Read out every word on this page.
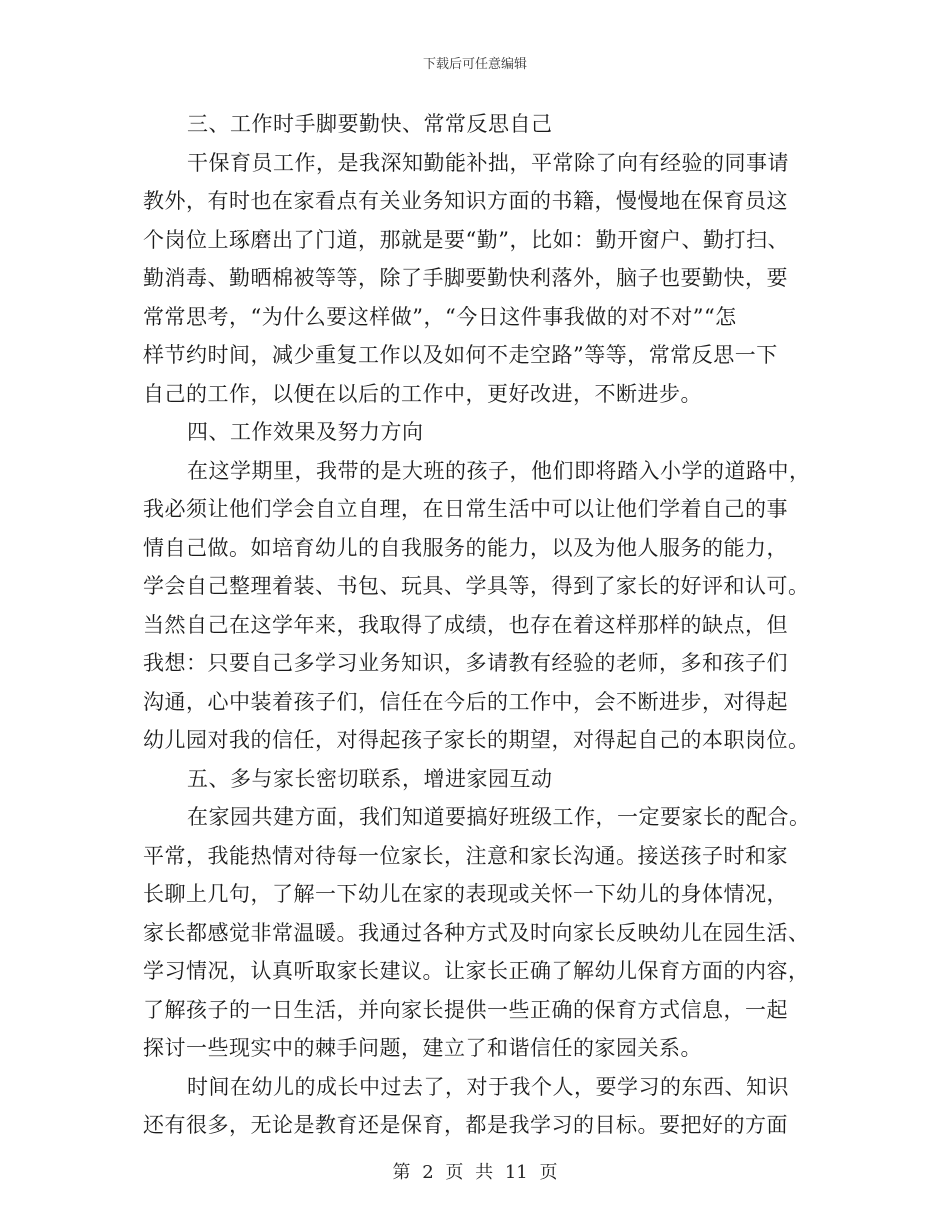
下载后可任意编辑
三、工作时手脚要勤快、常常反思自己
干保育员工作，是我深知勤能补拙，平常除了向有经验的同事请
教外，有时也在家看点有关业务知识方面的书籍，慢慢地在保育员这
个岗位上琢磨出了门道，那就是要“勤”，比如：勤开窗户、勤打扫、
勤消毒、勤晒棉被等等，除了手脚要勤快利落外，脑子也要勤快，要
常常思考，“为什么要这样做”，“今日这件事我做的对不对”“怎
样节约时间，减少重复工作以及如何不走空路”等等，常常反思一下
自己的工作，以便在以后的工作中，更好改进，不断进步。
四、工作效果及努力方向
在这学期里，我带的是大班的孩子，他们即将踏入小学的道路中，
我必须让他们学会自立自理，在日常生活中可以让他们学着自己的事
情自己做。如培育幼儿的自我服务的能力，以及为他人服务的能力，
学会自己整理着装、书包、玩具、学具等，得到了家长的好评和认可。
当然自己在这学年来，我取得了成绩，也存在着这样那样的缺点，但
我想：只要自己多学习业务知识，多请教有经验的老师，多和孩子们
沟通，心中装着孩子们，信任在今后的工作中，会不断进步，对得起
幼儿园对我的信任，对得起孩子家长的期望，对得起自己的本职岗位。
五、多与家长密切联系，增进家园互动
在家园共建方面，我们知道要搞好班级工作，一定要家长的配合。
平常，我能热情对待每一位家长，注意和家长沟通。接送孩子时和家
长聊上几句，了解一下幼儿在家的表现或关怀一下幼儿的身体情况，
家长都感觉非常温暖。我通过各种方式及时向家长反映幼儿在园生活、
学习情况，认真听取家长建议。让家长正确了解幼儿保育方面的内容，
了解孩子的一日生活，并向家长提供一些正确的保育方式信息，一起
探讨一些现实中的棘手问题，建立了和谐信任的家园关系。
时间在幼儿的成长中过去了，对于我个人，要学习的东西、知识
还有很多，无论是教育还是保育，都是我学习的目标。要把好的方面
第 2 页 共 11 页
